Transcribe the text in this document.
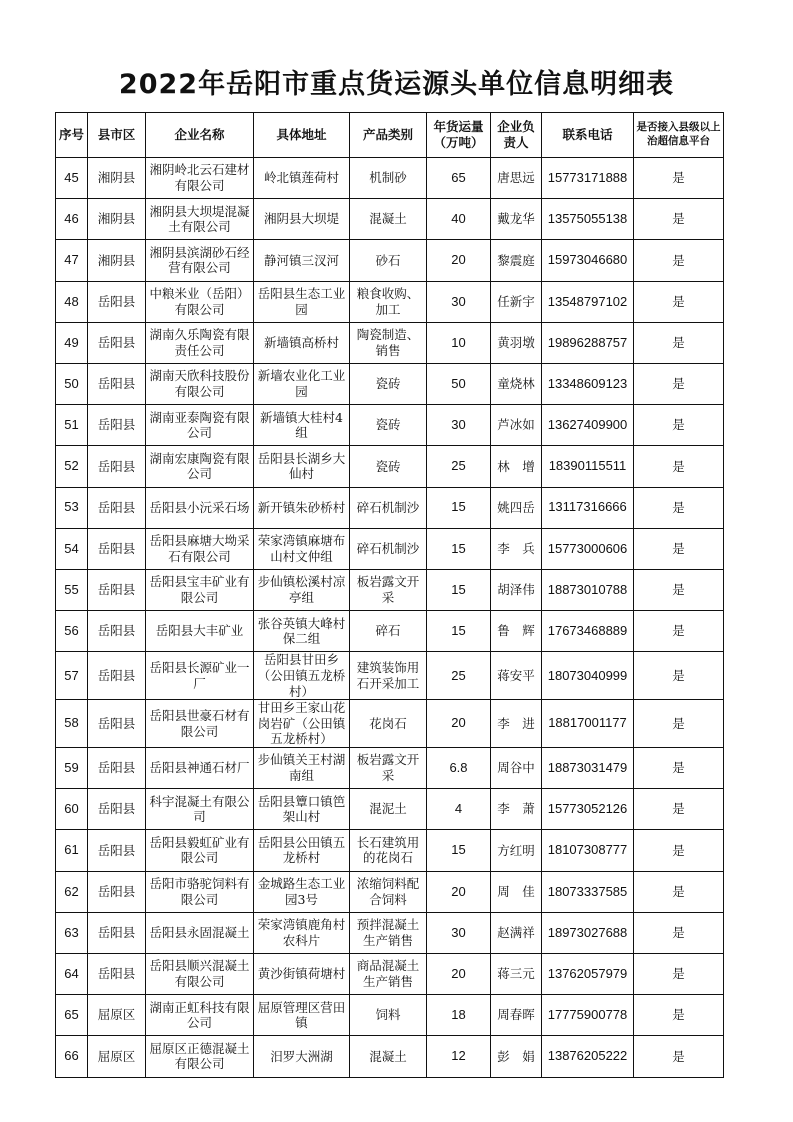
2022年岳阳市重点货运源头单位信息明细表
序号	县市区	企业名称	具体地址	产品类别	年货运量（万吨）	企业负责人	联系电话	是否接入县级以上治超信息平台
45	湘阴县	湘阴岭北云石建材有限公司	岭北镇莲荷村	机制砂	65	唐思远	15773171888	是
46	湘阴县	湘阴县大坝堤混凝土有限公司	湘阴县大坝堤	混凝土	40	戴龙华	13575055138	是
47	湘阴县	湘阴县滨湖砂石经营有限公司	静河镇三汊河	砂石	20	黎震庭	15973046680	是
48	岳阳县	中粮米业（岳阳）有限公司	岳阳县生态工业园	粮食收购、加工	30	任新宇	13548797102	是
49	岳阳县	湖南久乐陶瓷有限责任公司	新墙镇高桥村	陶瓷制造、销售	10	黄羽墩	19896288757	是
50	岳阳县	湖南天欣科技股份有限公司	新墙农业化工业园	瓷砖	50	童烧林	13348609123	是
51	岳阳县	湖南亚泰陶瓷有限公司	新墙镇大桂村4组	瓷砖	30	芦冰如	13627409900	是
52	岳阳县	湖南宏康陶瓷有限公司	岳阳县长湖乡大仙村	瓷砖	25	林　增	18390115511	是
53	岳阳县	岳阳县小沅采石场	新开镇朱砂桥村	碎石机制沙	15	姚四岳	13117316666	是
54	岳阳县	岳阳县麻塘大坳采石有限公司	荣家湾镇麻塘布山村文仲组	碎石机制沙	15	李　兵	15773000606	是
55	岳阳县	岳阳县宝丰矿业有限公司	步仙镇松溪村凉亭组	板岩露文开采	15	胡泽伟	18873010788	是
56	岳阳县	岳阳县大丰矿业	张谷英镇大峰村保二组	碎石	15	鲁　辉	17673468889	是
57	岳阳县	岳阳县长源矿业一厂	岳阳县甘田乡（公田镇五龙桥村）	建筑装饰用石开采加工	25	蒋安平	18073040999	是
58	岳阳县	岳阳县世豪石材有限公司	甘田乡王家山花岗岩矿（公田镇五龙桥村）	花岗石	20	李　进	18817001177	是
59	岳阳县	岳阳县神通石材厂	步仙镇关王村湖南组	板岩露文开采	6.8	周谷中	18873031479	是
60	岳阳县	科宇混凝土有限公司	岳阳县簟口镇笆架山村	混泥土	4	李　萧	15773052126	是
61	岳阳县	岳阳县毅虹矿业有限公司	岳阳县公田镇五龙桥村	长石建筑用的花岗石	15	方红明	18107308777	是
62	岳阳县	岳阳市骆驼饲料有限公司	金城路生态工业园3号	浓缩饲料配合饲料	20	周　佳	18073337585	是
63	岳阳县	岳阳县永固混凝土	荣家湾镇鹿角村农科片	预拌混凝土生产销售	30	赵满祥	18973027688	是
64	岳阳县	岳阳县顺兴混凝土有限公司	黄沙街镇荷塘村	商品混凝土生产销售	20	蒋三元	13762057979	是
65	屈原区	湖南正虹科技有限公司	屈原管理区营田镇	饲料	18	周春晖	17775900778	是
66	屈原区	屈原区正德混凝土有限公司	汨罗大洲湖	混凝土	12	彭　娟	13876205222	是
